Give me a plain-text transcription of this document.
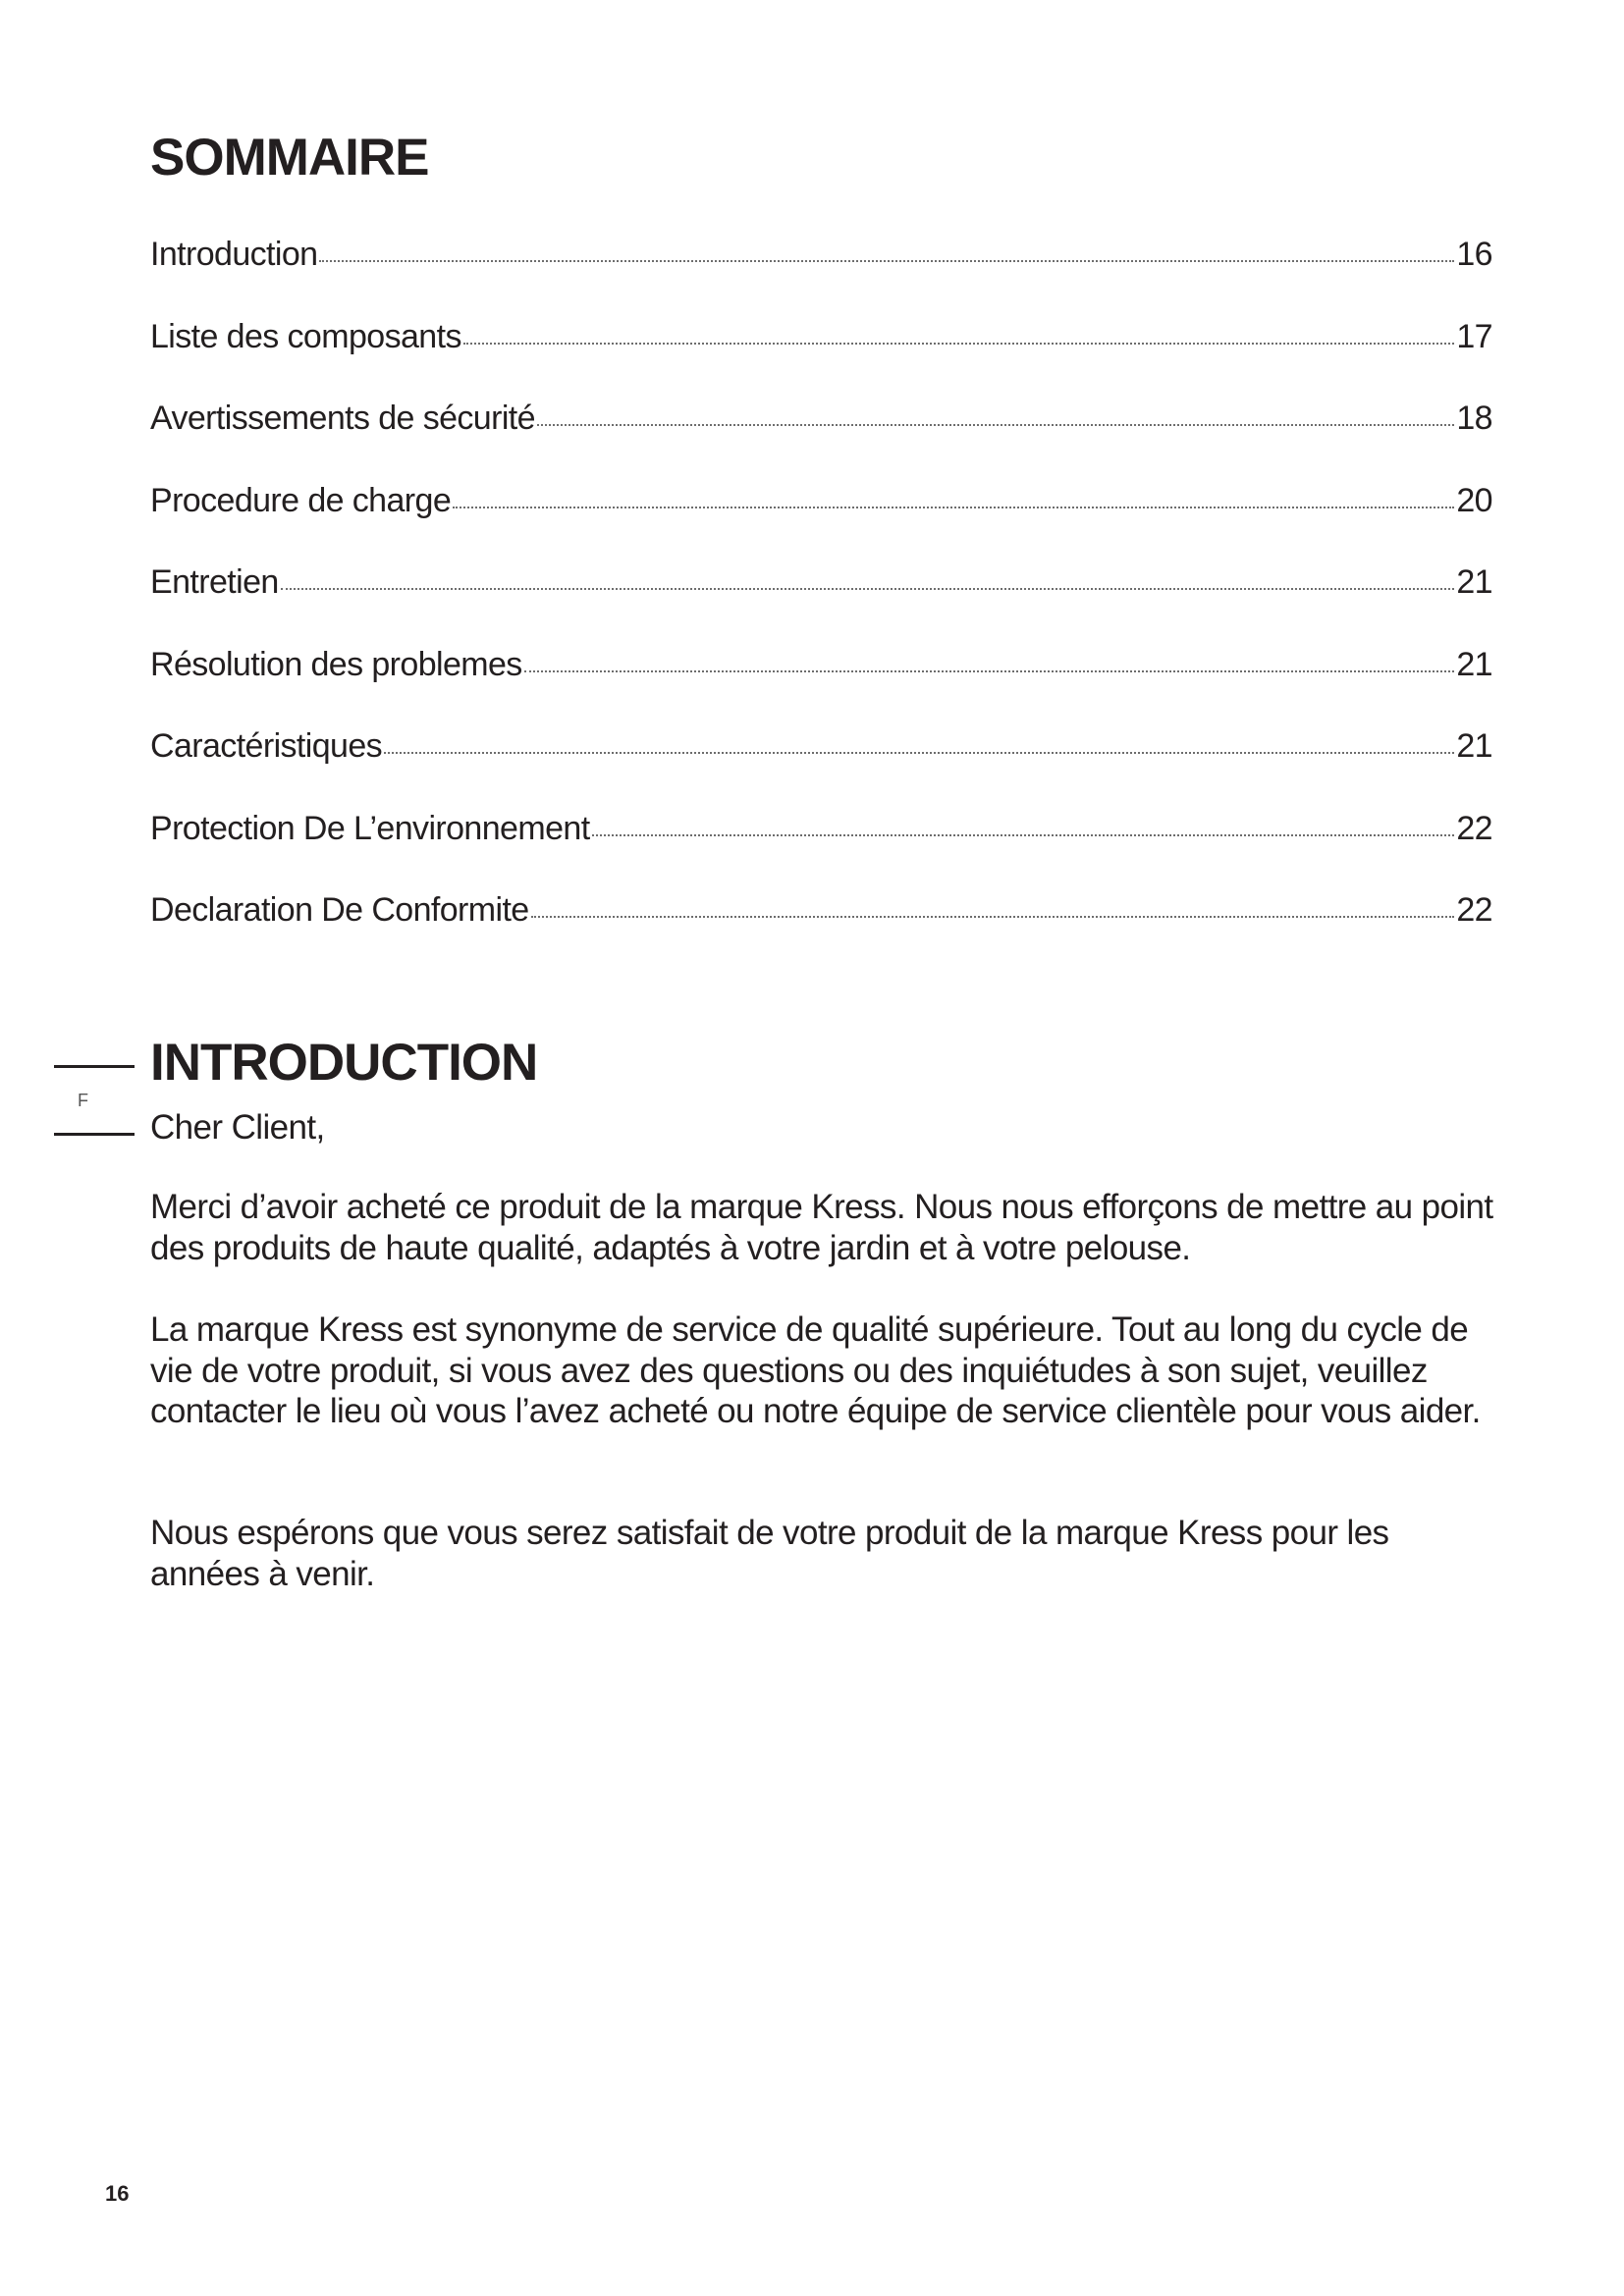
SOMMAIRE
Introduction	16
Liste des composants	17
Avertissements de sécurité	18
Procedure de charge	20
Entretien	21
Résolution des problemes	21
Caractéristiques	21
Protection De L’environnement	22
Declaration De Conformite	22
F
INTRODUCTION

Cher Client,

Merci d’avoir acheté ce produit de la marque Kress. Nous nous efforçons de mettre au point des produits de haute qualité, adaptés à votre jardin et à votre pelouse.

La marque Kress est synonyme de service de qualité supérieure. Tout au long du cycle de vie de votre produit, si vous avez des questions ou des inquiétudes à son sujet, veuillez contacter le lieu où vous l’avez acheté ou notre équipe de service clientèle pour vous aider.

Nous espérons que vous serez satisfait de votre produit de la marque Kress pour les années à venir.

16
